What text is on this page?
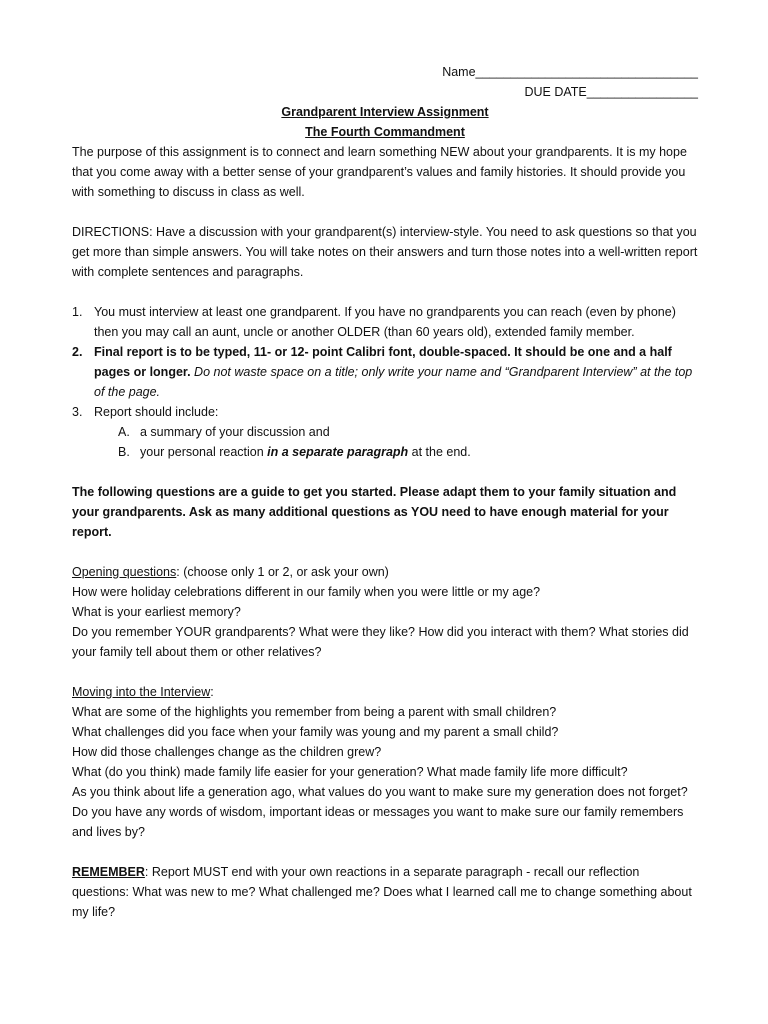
Name________________________________

DUE DATE________________

Grandparent Interview Assignment

The Fourth Commandment

The purpose of this assignment is to connect and learn something NEW about your grandparents. It is my hope that you come away with a better sense of your grandparent’s values and family histories. It should provide you with something to discuss in class as well.

DIRECTIONS: Have a discussion with your grandparent(s) interview-style. You need to ask questions so that you get more than simple answers. You will take notes on their answers and turn those notes into a well-written report with complete sentences and paragraphs.

1. You must interview at least one grandparent. If you have no grandparents you can reach (even by phone) then you may call an aunt, uncle or another OLDER (than 60 years old), extended family member.
2. Final report is to be typed, 11- or 12- point Calibri font, double-spaced. It should be one and a half pages or longer. Do not waste space on a title; only write your name and “Grandparent Interview” at the top of the page.
3. Report should include:
A. a summary of your discussion and
B. your personal reaction in a separate paragraph at the end.

The following questions are a guide to get you started. Please adapt them to your family situation and your grandparents. Ask as many additional questions as YOU need to have enough material for your report.

Opening questions: (choose only 1 or 2, or ask your own)

How were holiday celebrations different in our family when you were little or my age?

What is your earliest memory?

Do you remember YOUR grandparents? What were they like? How did you interact with them? What stories did your family tell about them or other relatives?

Moving into the Interview:

What are some of the highlights you remember from being a parent with small children?

What challenges did you face when your family was young and my parent a small child?

How did those challenges change as the children grew?

What (do you think) made family life easier for your generation? What made family life more difficult?

As you think about life a generation ago, what values do you want to make sure my generation does not forget?

Do you have any words of wisdom, important ideas or messages you want to make sure our family remembers and lives by?

REMEMBER: Report MUST end with your own reactions in a separate paragraph - recall our reflection questions: What was new to me? What challenged me? Does what I learned call me to change something about my life?
